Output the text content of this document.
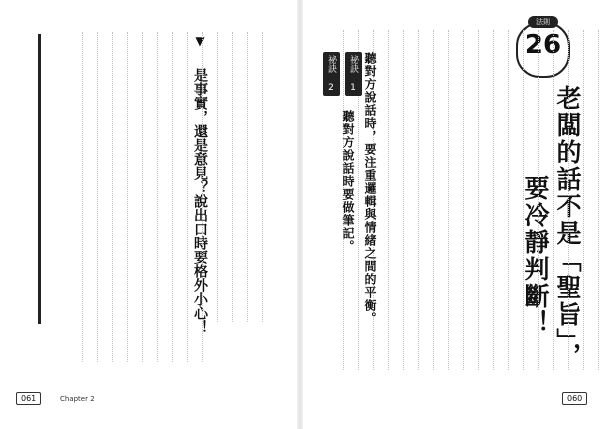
▼ 是事實，還是意見？說出口時要格外小心！
061	Chapter 2
法則
26
老闆的話不是「聖旨」，
要冷靜判斷！
祕訣 1 聽對方說話時，要注重邏輯與情緒之間的平衡。
祕訣 2
聽對方說話時要做筆記。
060
